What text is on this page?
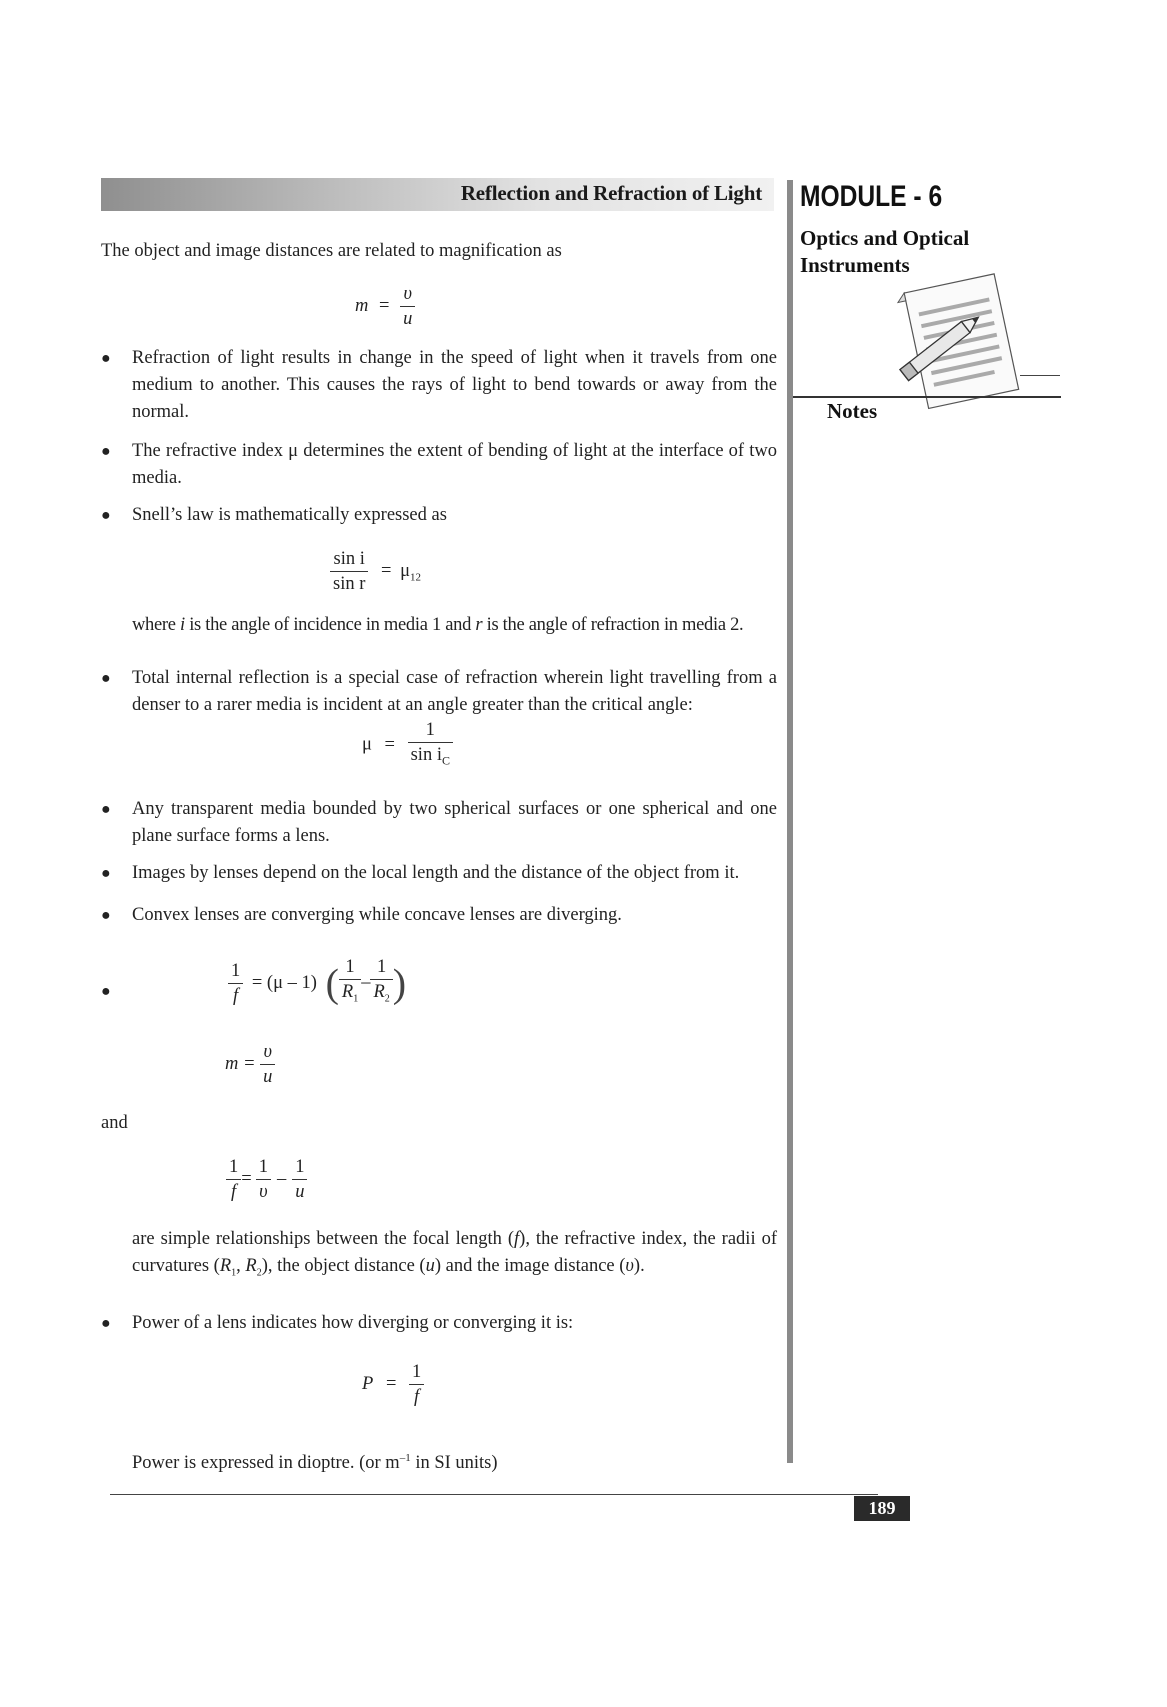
Reflection and Refraction of Light MODULE - 6
Optics and Optical
Instruments
Notes
The object and image distances are related to magnification as
$m = \frac{\upsilon}{u}$
● Refraction of light results in change in the speed of light when it travels from one medium to another. This causes the rays of light to bend towards or away from the normal.
● The refractive index μ determines the extent of bending of light at the interface of two media.
● Snell’s law is mathematically expressed as
$\frac{\text{sin i}}{\text{sin r}} = \mu_{12}$
where i is the angle of incidence in media 1 and r is the angle of refraction in media 2.
● Total internal reflection is a special case of refraction wherein light travelling from a denser to a rarer media is incident at an angle greater than the critical angle:
$\mu = \frac{1}{\sin i_C}$
● Any transparent media bounded by two spherical surfaces or one spherical and one plane surface forms a lens.
● Images by lenses depend on the local length and the distance of the object from it.
● Convex lenses are converging while concave lenses are diverging.
●	$\frac{1}{f} = (\mu - 1)$ ( $\frac{1}{R_1} - \frac{1}{R_2}$ )
$m = \frac{\upsilon}{u}$
and
$\frac{1}{f} = \frac{1}{\upsilon} - \frac{1}{u}$
are simple relationships between the focal length (f), the refractive index, the radii of curvatures ($R_1$, $R_2$), the object distance (u) and the image distance (υ).
● Power of a lens indicates how diverging or converging it is:
$P = \frac{1}{f}$
Power is expressed in dioptre. (or $m^{-1}$ in SI units)
189
